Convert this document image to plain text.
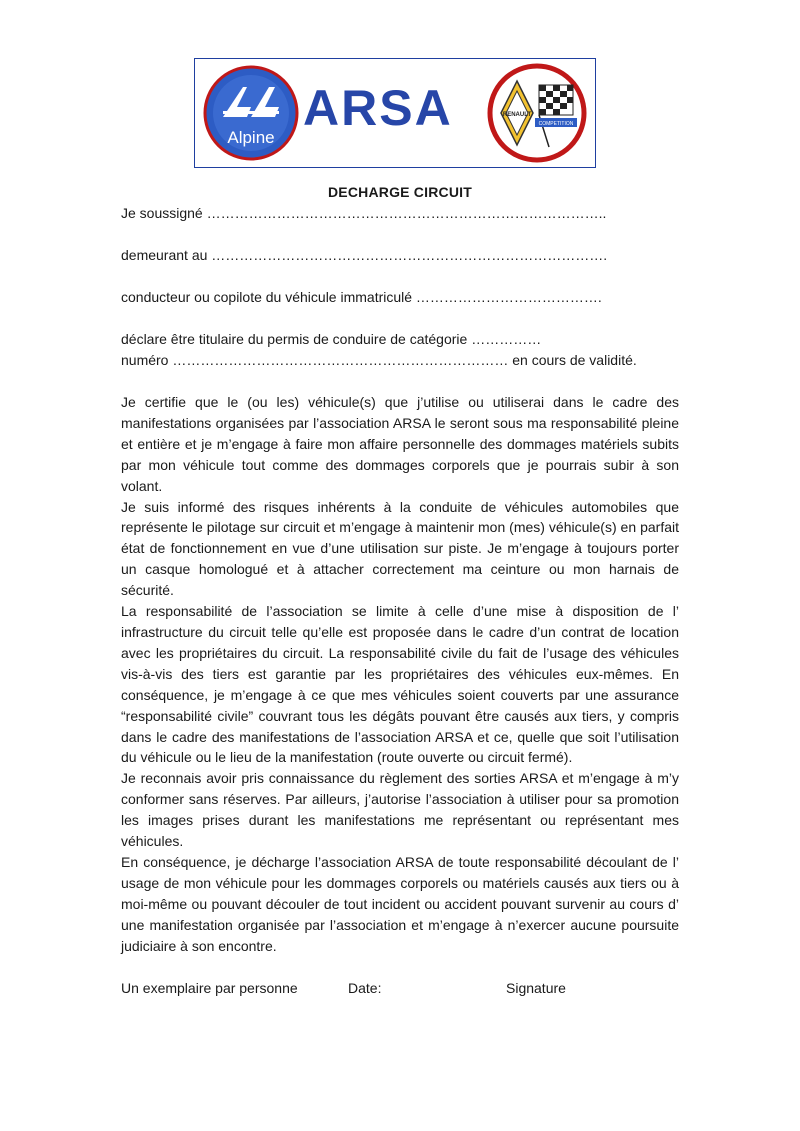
Alpine
ARSA	RENAULT
COMPETITION
DECHARGE CIRCUIT
Je soussigné …………………………………………………………………………..
demeurant au ………………………………………………………………………….
conducteur ou copilote du véhicule immatriculé ………………………………….
déclare être titulaire du permis de conduire de catégorie ……………
numéro ……………………………………………………………… en cours de validité.

Je certifie que le (ou les) véhicule(s) que j’utilise ou utiliserai dans le cadre des manifestations organisées par l’association ARSA le seront sous ma responsabilité pleine et entière et je m’engage à faire mon affaire personnelle des dommages matériels subits par mon véhicule tout comme des dommages corporels que je pourrais subir à son volant.

Je suis informé des risques inhérents à la conduite de véhicules automobiles que représente le pilotage sur circuit et m’engage à maintenir mon (mes) véhicule(s) en parfait état de fonctionnement en vue d’une utilisation sur piste. Je m’engage à toujours porter un casque homologué et à attacher correctement ma ceinture ou mon harnais de sécurité.

La responsabilité de l’association se limite à celle d’une mise à disposition de l’ infrastructure du circuit telle qu’elle est proposée dans le cadre d’un contrat de location avec les propriétaires du circuit. La responsabilité civile du fait de l’usage des véhicules vis-à-vis des tiers est garantie par les propriétaires des véhicules eux-mêmes. En conséquence, je m’engage à ce que mes véhicules soient couverts par une assurance “responsabilité civile” couvrant tous les dégâts pouvant être causés aux tiers, y compris dans le cadre des manifestations de l’association ARSA et ce, quelle que soit l’utilisation du véhicule ou le lieu de la manifestation (route ouverte ou circuit fermé).

Je reconnais avoir pris connaissance du règlement des sorties ARSA et m’engage à m’y conformer sans réserves. Par ailleurs, j’autorise l’association à utiliser pour sa promotion les images prises durant les manifestations me représentant ou représentant mes véhicules.

En conséquence, je décharge l’association ARSA de toute responsabilité découlant de l’ usage de mon véhicule pour les dommages corporels ou matériels causés aux tiers ou à moi-même ou pouvant découler de tout incident ou accident pouvant survenir au cours d’ une manifestation organisée par l’association et m’engage à n’exercer aucune poursuite judiciaire à son encontre.

Un exemplaire par personne	Date:	Signature
